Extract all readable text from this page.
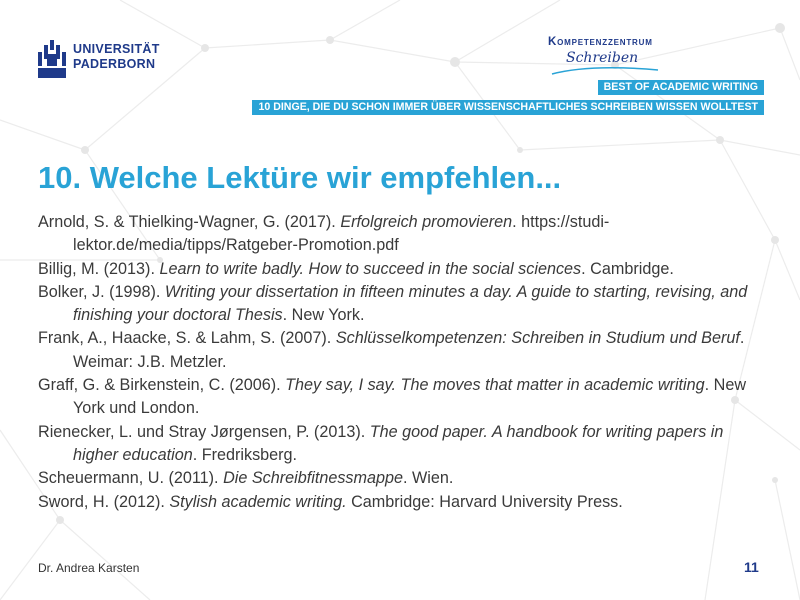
UNIVERSITÄT
PADERBORN
Kompetenzzentrum
Schreiben
BEST OF ACADEMIC WRITING
10 DINGE, DIE DU SCHON IMMER ÜBER WISSENSCHAFTLICHES SCHREIBEN WISSEN WOLLTEST
10. Welche Lektüre wir empfehlen...
Arnold, S. & Thielking-Wagner, G. (2017). Erfolgreich promovieren. https://studi-lektor.de/media/tipps/Ratgeber-Promotion.pdf
Billig, M. (2013). Learn to write badly. How to succeed in the social sciences. Cambridge.
Bolker, J. (1998). Writing your dissertation in fifteen minutes a day. A guide to starting, revising, and finishing your doctoral Thesis. New York.
Frank, A., Haacke, S. & Lahm, S. (2007). Schlüsselkompetenzen: Schreiben in Studium und Beruf. Weimar: J.B. Metzler.
Graff, G. & Birkenstein, C. (2006). They say, I say. The moves that matter in academic writing. New York und London.
Rienecker, L. und Stray Jørgensen, P. (2013). The good paper. A handbook for writing papers in higher education. Fredriksberg.
Scheuermann, U. (2011). Die Schreibfitnessmappe. Wien.
Sword, H. (2012). Stylish academic writing. Cambridge: Harvard University Press.
Dr. Andrea Karsten	11
